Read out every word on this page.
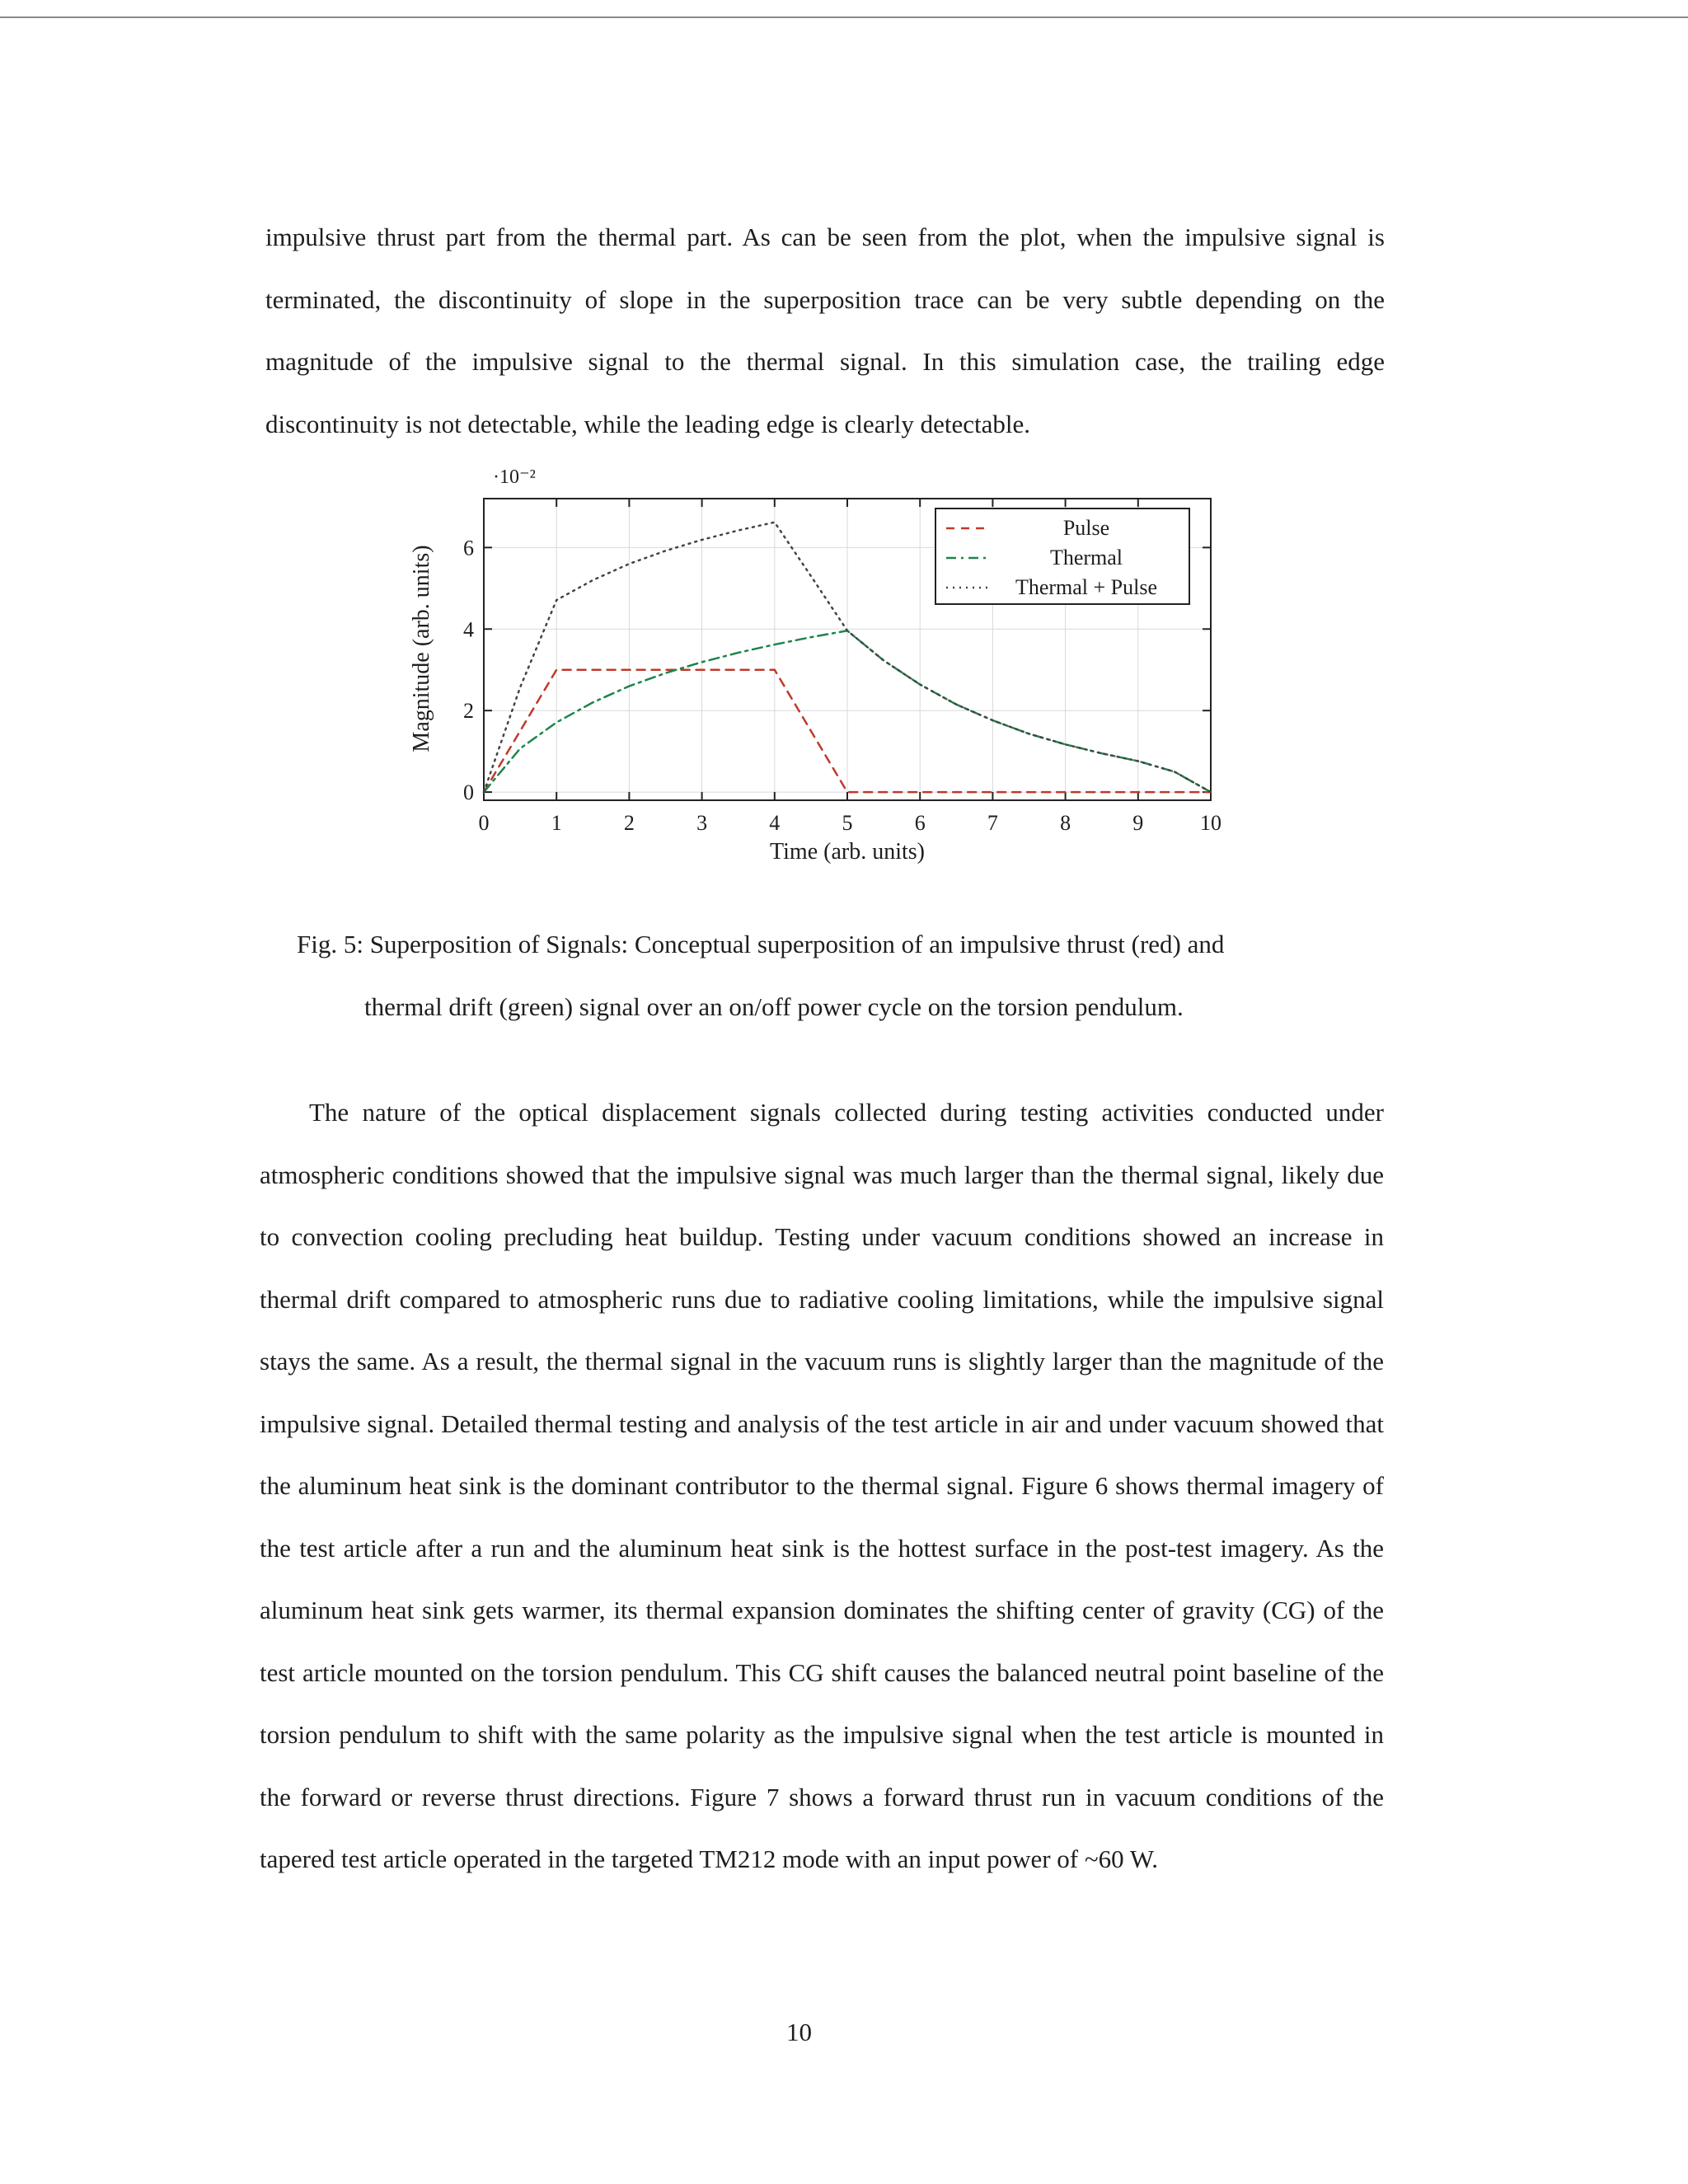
impulsive thrust part from the thermal part. As can be seen from the plot, when the impulsive signal is terminated, the discontinuity of slope in the superposition trace can be very subtle depending on the magnitude of the impulsive signal to the thermal signal. In this simulation case, the trailing edge discontinuity is not detectable, while the leading edge is clearly detectable.

0	1	2	3	4	5	6	7	8	9	10
0
2
4
6
·10⁻²
Time (arb. units)
Magnitude (arb. units)
Pulse
Thermal
Thermal + Pulse

Fig. 5: Superposition of Signals: Conceptual superposition of an impulsive thrust (red) and
thermal drift (green) signal over an on/off power cycle on the torsion pendulum.

The nature of the optical displacement signals collected during testing activities conducted under atmospheric conditions showed that the impulsive signal was much larger than the thermal signal, likely due to convection cooling precluding heat buildup. Testing under vacuum conditions showed an increase in thermal drift compared to atmospheric runs due to radiative cooling limitations, while the impulsive signal stays the same. As a result, the thermal signal in the vacuum runs is slightly larger than the magnitude of the impulsive signal. Detailed thermal testing and analysis of the test article in air and under vacuum showed that the aluminum heat sink is the dominant contributor to the thermal signal. Figure 6 shows thermal imagery of the test article after a run and the aluminum heat sink is the hottest surface in the post-test imagery. As the aluminum heat sink gets warmer, its thermal expansion dominates the shifting center of gravity (CG) of the test article mounted on the torsion pendulum. This CG shift causes the balanced neutral point baseline of the torsion pendulum to shift with the same polarity as the impulsive signal when the test article is mounted in the forward or reverse thrust directions. Figure 7 shows a forward thrust run in vacuum conditions of the tapered test article operated in the targeted TM212 mode with an input power of ~60 W.

10
